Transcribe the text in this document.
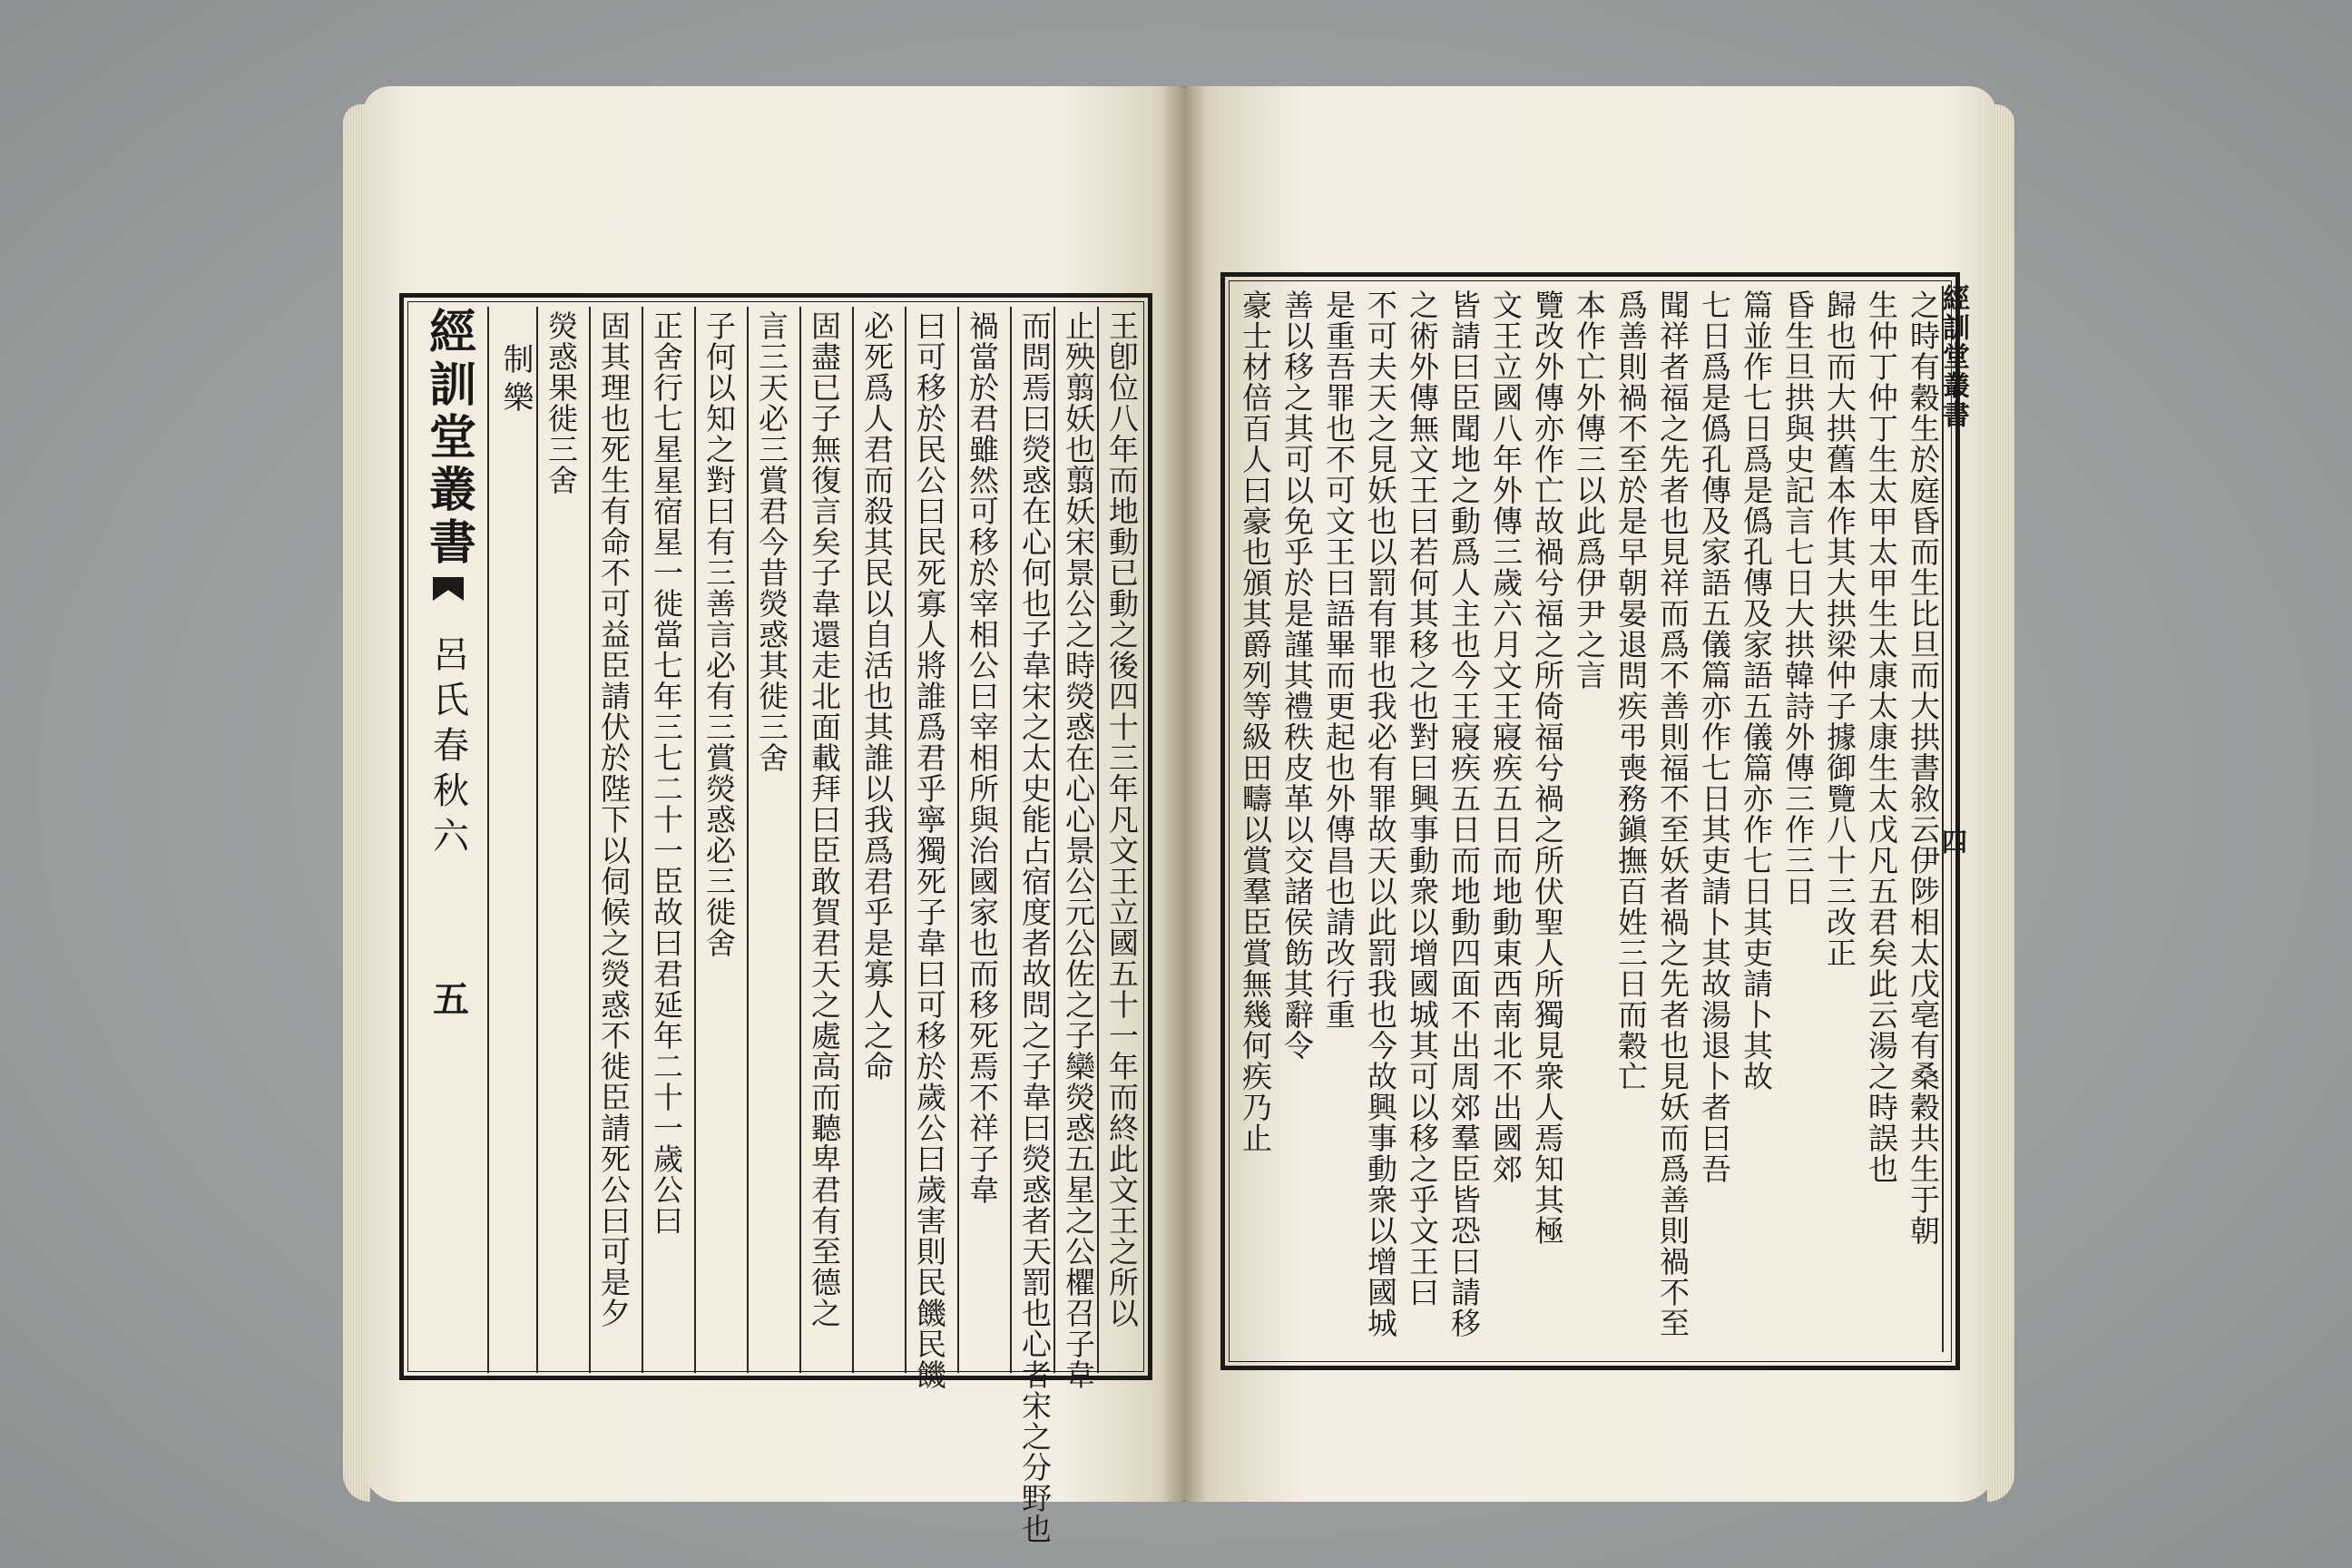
經訓堂叢書
呂氏春秋六
五
制樂 熒惑果徙三舍 固其理也死生有命不可益臣請伏於陛下以伺候之熒惑不徙臣請死公曰可是夕 正舍行七星星宿星一徙當七年三七二十一臣故曰君延年二十一歲公曰 子何以知之對曰有三善言必有三賞熒惑必三徙舍 言三天必三賞君今昔熒惑其徙三舍 固盡已子無復言矣子韋還走北面載拜曰臣敢賀君天之處高而聽卑君有至德之 必死爲人君而殺其民以自活也其誰以我爲君乎是寡人之命 曰可移於民公曰民死寡人將誰爲君乎寧獨死子韋曰可移於歲公曰歲害則民饑民饑 禍當於君雖然可移於宰相公曰宰相所與治國家也而移死焉不祥子韋 而問焉曰熒惑在心何也子韋宋之太史能占宿度者故問之子韋曰熒惑者天罰也心者宋之分野也 止殃翦妖也翦妖宋景公之時熒惑在心心景公元公佐之子欒熒惑五星之公欋召子韋 王卽位八年而地動已動之後四十三年凡文王立國五十一年而終此文王之所以	豪士材倍百人曰豪也頒其爵列等級田疇以賞羣臣賞無幾何疾乃止 善以移之其可以免乎於是謹其禮秩皮革以交諸侯飭其辭令 是重吾罪也不可文王曰語畢而更起也外傳昌也請改行重 不可夫天之見妖也以罰有罪也我必有罪故天以此罰我也今故興事動衆以增國城 之術外傳無文王曰若何其移之也對曰興事動衆以增國城其可以移之乎文王曰 皆請曰臣聞地之動爲人主也今王寢疾五日而地動四面不出周郊羣臣皆恐曰請移 文王立國八年外傳三歲六月文王寢疾五日而地動東西南北不出國郊 覽改外傳亦作亡故禍兮福之所倚福兮禍之所伏聖人所獨見衆人焉知其極 本作亡外傳三以此爲伊尹之言 爲善則禍不至於是早朝晏退問疾弔喪務鎭撫百姓三日而穀亡 聞祥者福之先者也見祥而爲不善則福不至妖者禍之先者也見妖而爲善則禍不至 七日爲是僞孔傳及家語五儀篇亦作七日其吏請卜其故湯退卜者曰吾 篇並作七日爲是僞孔傳及家語五儀篇亦作七日其吏請卜其故 昏生旦拱與史記言七日大拱韓詩外傳三作三日 歸也而大拱舊本作其大拱梁仲子據御覽八十三改正 生仲丁仲丁生太甲太甲生太康太康生太戊凡五君矣此云湯之時誤也 之時有穀生於庭昏而生比旦而大拱書敘云伊陟相太戊亳有桑穀共生于朝
經訓堂叢書
四
